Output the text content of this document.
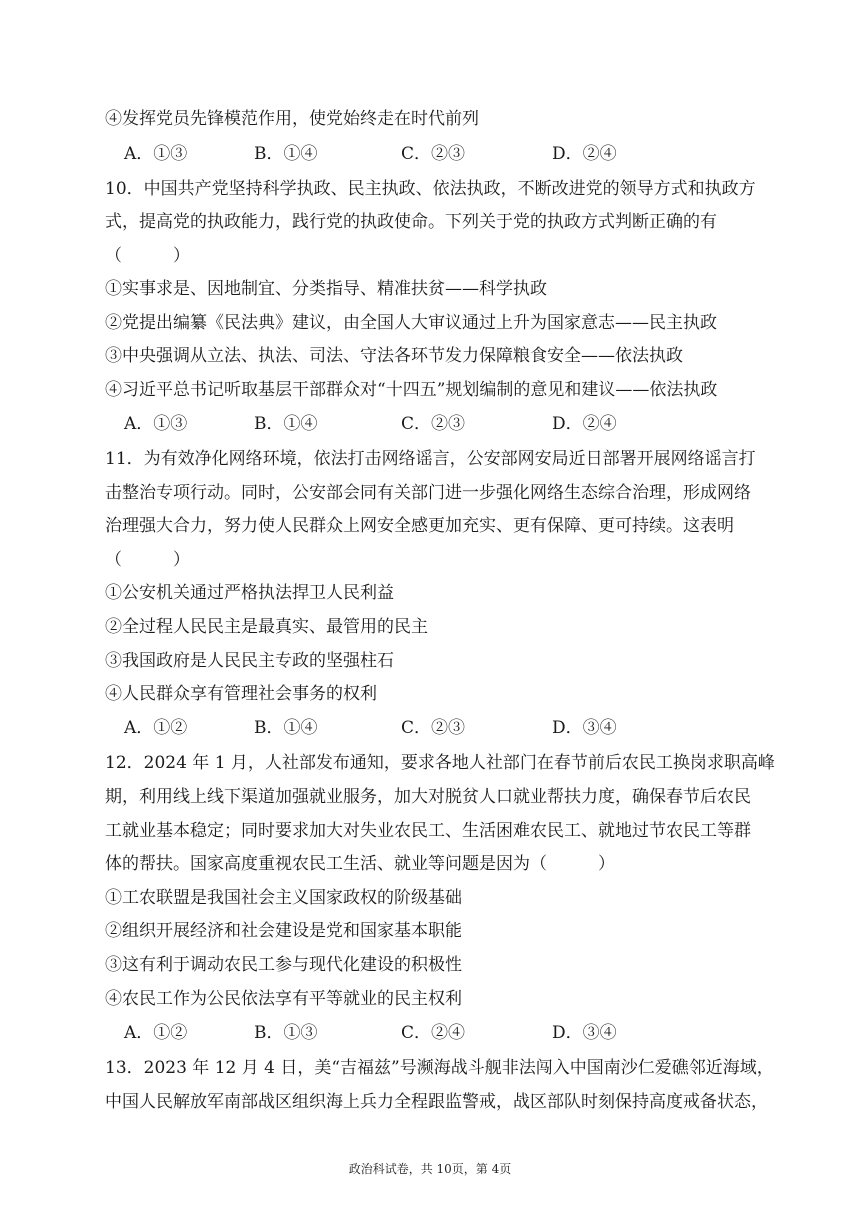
④发挥党员先锋模范作用，使党始终走在时代前列
A．①③	B．①④	C．②③	D．②④
10．中国共产党坚持科学执政、民主执政、依法执政，不断改进党的领导方式和执政方
式，提高党的执政能力，践行党的执政使命。下列关于党的执政方式判断正确的有
（　　　）
①实事求是、因地制宜、分类指导、精准扶贫——科学执政
②党提出编纂《民法典》建议，由全国人大审议通过上升为国家意志——民主执政
③中央强调从立法、执法、司法、守法各环节发力保障粮食安全——依法执政
④习近平总书记听取基层干部群众对“十四五”规划编制的意见和建议——依法执政
A．①③	B．①④	C．②③	D．②④
11．为有效净化网络环境，依法打击网络谣言，公安部网安局近日部署开展网络谣言打
击整治专项行动。同时，公安部会同有关部门进一步强化网络生态综合治理，形成网络
治理强大合力，努力使人民群众上网安全感更加充实、更有保障、更可持续。这表明
（　　　）
①公安机关通过严格执法捍卫人民利益
②全过程人民民主是最真实、最管用的民主
③我国政府是人民民主专政的坚强柱石
④人民群众享有管理社会事务的权利
A．①②	B．①④	C．②③	D．③④
12．2024 年 1 月，人社部发布通知，要求各地人社部门在春节前后农民工换岗求职高峰
期，利用线上线下渠道加强就业服务，加大对脱贫人口就业帮扶力度，确保春节后农民
工就业基本稳定；同时要求加大对失业农民工、生活困难农民工、就地过节农民工等群
体的帮扶。国家高度重视农民工生活、就业等问题是因为（　　　）
①工农联盟是我国社会主义国家政权的阶级基础
②组织开展经济和社会建设是党和国家基本职能
③这有利于调动农民工参与现代化建设的积极性
④农民工作为公民依法享有平等就业的民主权利
A．①②	B．①③	C．②④	D．③④
13．2023 年 12 月 4 日，美“吉福兹”号濒海战斗舰非法闯入中国南沙仁爱礁邻近海域，
中国人民解放军南部战区组织海上兵力全程跟监警戒，战区部队时刻保持高度戒备状态，
政治科试卷，共 10页，第 4页
